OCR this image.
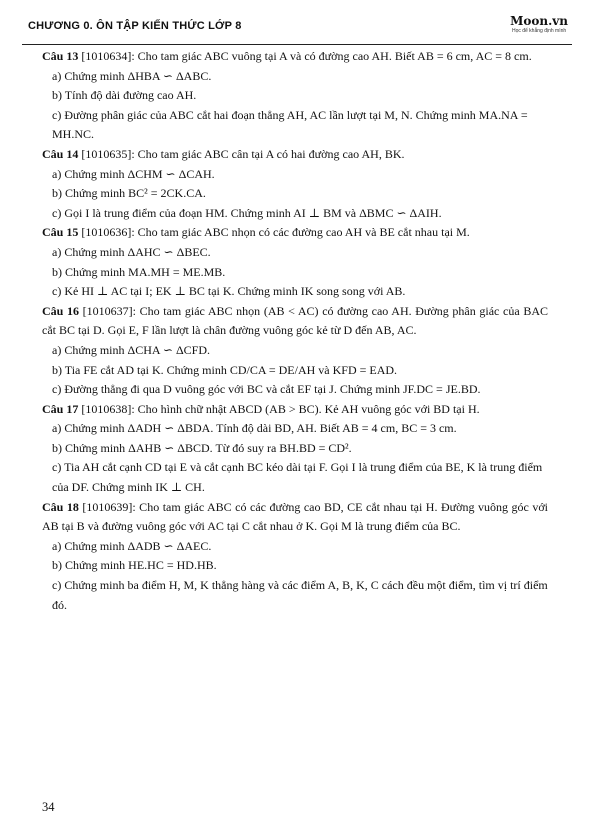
CHƯƠNG 0. ÔN TẬP KIẾN THỨC LỚP 8	Moon.vn
Học để khẳng định mình
Câu 13 [1010634]: Cho tam giác ABC vuông tại A và có đường cao AH. Biết AB = 6 cm, AC = 8 cm.
a) Chứng minh ΔHBA ∽ ΔABC.
b) Tính độ dài đường cao AH.
c) Đường phân giác của ABC cắt hai đoạn thẳng AH, AC lần lượt tại M, N. Chứng minh MA.NA = MH.NC.
Câu 14 [1010635]: Cho tam giác ABC cân tại A có hai đường cao AH, BK.
a) Chứng minh ΔCHM ∽ ΔCAH.
b) Chứng minh BC² = 2CK.CA.
c) Gọi I là trung điểm của đoạn HM. Chứng minh AI ⊥ BM và ΔBMC ∽ ΔAIH.
Câu 15 [1010636]: Cho tam giác ABC nhọn có các đường cao AH và BE cắt nhau tại M.
a) Chứng minh ΔAHC ∽ ΔBEC.
b) Chứng minh MA.MH = ME.MB.
c) Kẻ HI ⊥ AC tại I; EK ⊥ BC tại K. Chứng minh IK song song với AB.
Câu 16 [1010637]: Cho tam giác ABC nhọn (AB < AC) có đường cao AH. Đường phân giác của BAC cắt BC tại D. Gọi E, F lần lượt là chân đường vuông góc kẻ từ D đến AB, AC.
a) Chứng minh ΔCHA ∽ ΔCFD.
b) Tia FE cắt AD tại K. Chứng minh CD/CA = DE/AH và KFD = EAD.
c) Đường thẳng đi qua D vuông góc với BC và cắt EF tại J. Chứng minh JF.DC = JE.BD.
Câu 17 [1010638]: Cho hình chữ nhật ABCD (AB > BC). Kẻ AH vuông góc với BD tại H.
a) Chứng minh ΔADH ∽ ΔBDA. Tính độ dài BD, AH. Biết AB = 4 cm, BC = 3 cm.
b) Chứng minh ΔAHB ∽ ΔBCD. Từ đó suy ra BH.BD = CD².
c) Tia AH cắt cạnh CD tại E và cắt cạnh BC kéo dài tại F. Gọi I là trung điểm của BE, K là trung điểm của DF. Chứng minh IK ⊥ CH.
Câu 18 [1010639]: Cho tam giác ABC có các đường cao BD, CE cắt nhau tại H. Đường vuông góc với AB tại B và đường vuông góc với AC tại C cắt nhau ở K. Gọi M là trung điểm của BC.
a) Chứng minh ΔADB ∽ ΔAEC.
b) Chứng minh HE.HC = HD.HB.
c) Chứng minh ba điểm H, M, K thẳng hàng và các điểm A, B, K, C cách đều một điểm, tìm vị trí điểm đó.
34
